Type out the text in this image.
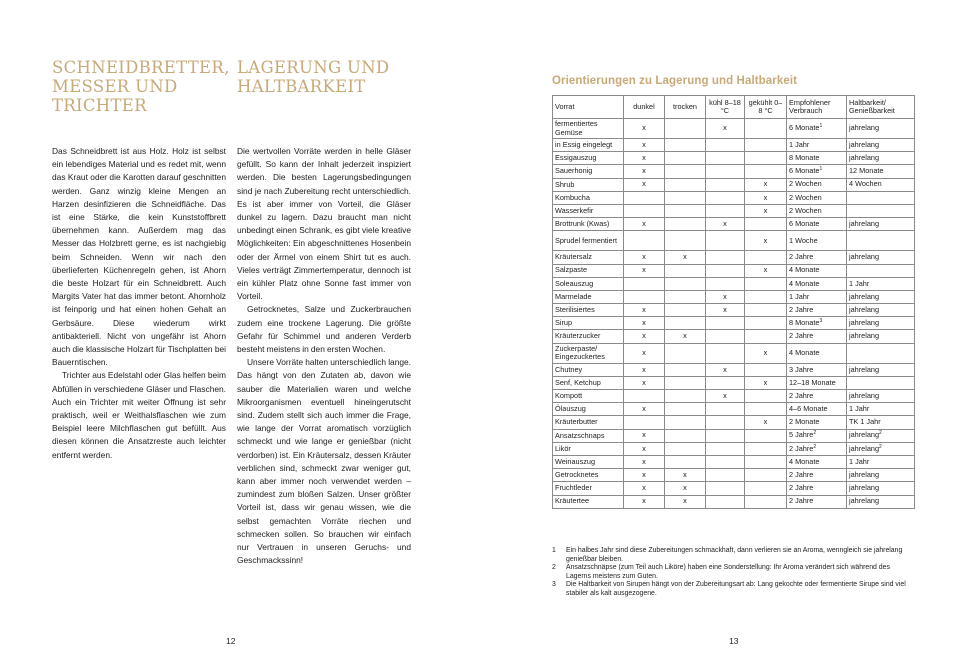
SCHNEIDBRETTER,
MESSER UND
TRICHTER
LAGERUNG UND
HALTBARKEIT

Das Schneidbrett ist aus Holz. Holz ist selbst ein lebendiges Material und es redet mit, wenn das Kraut oder die Karotten darauf geschnitten werden. Ganz winzig kleine Mengen an Harzen desinfizieren die Schneidfläche. Das ist eine Stärke, die kein Kunststoffbrett übernehmen kann. Außerdem mag das Messer das Holzbrett gerne, es ist nachgiebig beim Schneiden. Wenn wir nach den überlieferten Küchenregeln gehen, ist Ahorn die beste Holzart für ein Schneidbrett. Auch Margits Vater hat das immer betont. Ahornholz ist feinporig und hat einen hohen Gehalt an Gerbsäure. Diese wiederum wirkt antibakteriell. Nicht von ungefähr ist Ahorn auch die klassische Holzart für Tischplatten bei Bauerntischen.

Trichter aus Edelstahl oder Glas helfen beim Abfüllen in verschiedene Gläser und Flaschen. Auch ein Trichter mit weiter Öffnung ist sehr praktisch, weil er Weithalsflaschen wie zum Beispiel leere Milchflaschen gut befüllt. Aus diesen können die Ansatzreste auch leichter entfernt werden.

Die wertvollen Vorräte werden in helle Gläser gefüllt. So kann der Inhalt jederzeit inspiziert werden. Die besten Lagerungsbedingungen sind je nach Zubereitung recht unterschiedlich. Es ist aber immer von Vorteil, die Gläser dunkel zu lagern. Dazu braucht man nicht unbedingt einen Schrank, es gibt viele kreative Möglichkeiten: Ein abgeschnittenes Hosenbein oder der Ärmel von einem Shirt tut es auch. Vieles verträgt Zimmertemperatur, dennoch ist ein kühler Platz ohne Sonne fast immer von Vorteil.

Getrocknetes, Salze und Zuckerbrauchen zudem eine trockene Lagerung. Die größte Gefahr für Schimmel und anderen Verderb besteht meistens in den ersten Wochen.

Unsere Vorräte halten unterschiedlich lange. Das hängt von den Zutaten ab, davon wie sauber die Materialien waren und welche Mikroorganismen eventuell hineingerutscht sind. Zudem stellt sich auch immer die Frage, wie lange der Vorrat aromatisch vorzüglich schmeckt und wie lange er genießbar (nicht verdorben) ist. Ein Kräutersalz, dessen Kräuter verblichen sind, schmeckt zwar weniger gut, kann aber immer noch verwendet werden – zumindest zum bloßen Salzen. Unser größter Vorteil ist, dass wir genau wissen, wie die selbst gemachten Vorräte riechen und schmecken sollen. So brauchen wir einfach nur Vertrauen in unseren Geruchs- und Geschmackssinn!

12
Orientierungen zu Lagerung und Haltbarkeit
Vorrat	dunkel	trocken	kühl 8–18 °C	gekühlt 0–8 °C	Empfohlener Verbrauch	Haltbarkeit/ Genießbarkeit
fermentiertes Gemüse	x		x		6 Monate$^1$	jahrelang
in Essig eingelegt	x				1 Jahr	jahrelang
Essigauszug	x				8 Monate	jahrelang
Sauerhonig	x				6 Monate$^1$	12 Monate
Shrub	x			x	2 Wochen	4 Wochen
Kombucha				x	2 Wochen	
Wasserkefir				x	2 Wochen	
Brottrunk (Kwas)	x		x		6 Monate	jahrelang
Sprudel fermentiert				x	1 Woche	
Kräutersalz	x	x			2 Jahre	jahrelang
Salzpaste	x			x	4 Monate	
Soleauszug					4 Monate	1 Jahr
Marmelade			x		1 Jahr	jahrelang
Sterilisiertes	x		x		2 Jahre	jahrelang
Sirup	x				8 Monate$^3$	jahrelang
Kräuterzucker	x	x			2 Jahre	jahrelang
Zuckerpaste/ Eingezuckertes	x			x	4 Monate	
Chutney	x		x		3 Jahre	jahrelang
Senf, Ketchup	x			x	12–18 Monate	
Kompott			x		2 Jahre	jahrelang
Ölauszug	x				4–6 Monate	1 Jahr
Kräuterbutter				x	2 Monate	TK 1 Jahr
Ansatzschnaps	x				5 Jahre$^2$	jahrelang$^2$
Likör	x				2 Jahre$^2$	jahrelang$^2$
Weinauszug	x				4 Monate	1 Jahr
Getrocknetes	x	x			2 Jahre	jahrelang
Fruchtleder	x	x			2 Jahre	jahrelang
Kräutertee	x	x			2 Jahre	jahrelang
1	Ein halbes Jahr sind diese Zubereitungen schmackhaft, dann verlieren sie an Aroma, wenngleich sie jahrelang genießbar bleiben.
2	Ansatzschnäpse (zum Teil auch Liköre) haben eine Sonderstellung: Ihr Aroma verändert sich während des Lagerns meistens zum Guten.
3	Die Haltbarkeit von Sirupen hängt von der Zubereitungsart ab: Lang gekochte oder fermentierte Sirupe sind viel stabiler als kalt ausgezogene.
13
